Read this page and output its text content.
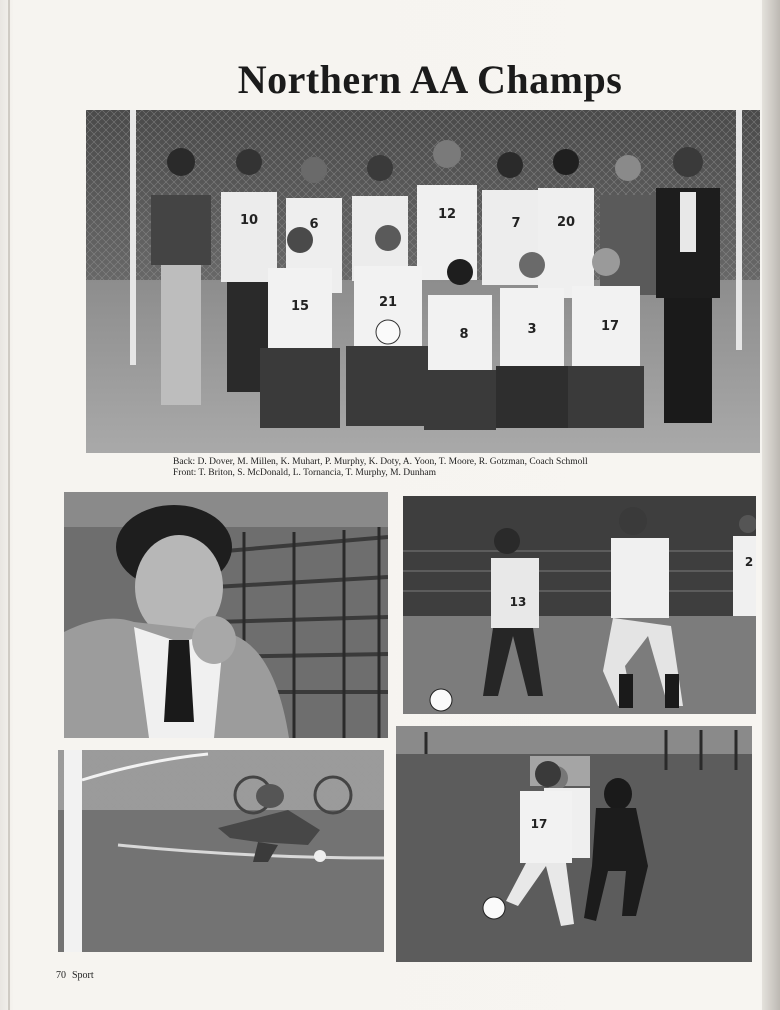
Northern AA Champs
10	6
12
7	20
15	21
8	3	17
Back: D. Dover, M. Millen, K. Muhart, P. Murphy, K. Doty, A. Yoon, T. Moore, R. Gotzman, Coach Schmoll
Front: T. Briton, S. McDonald, L. Tornancia, T. Murphy, M. Dunham
13
2
17
70 Sport
